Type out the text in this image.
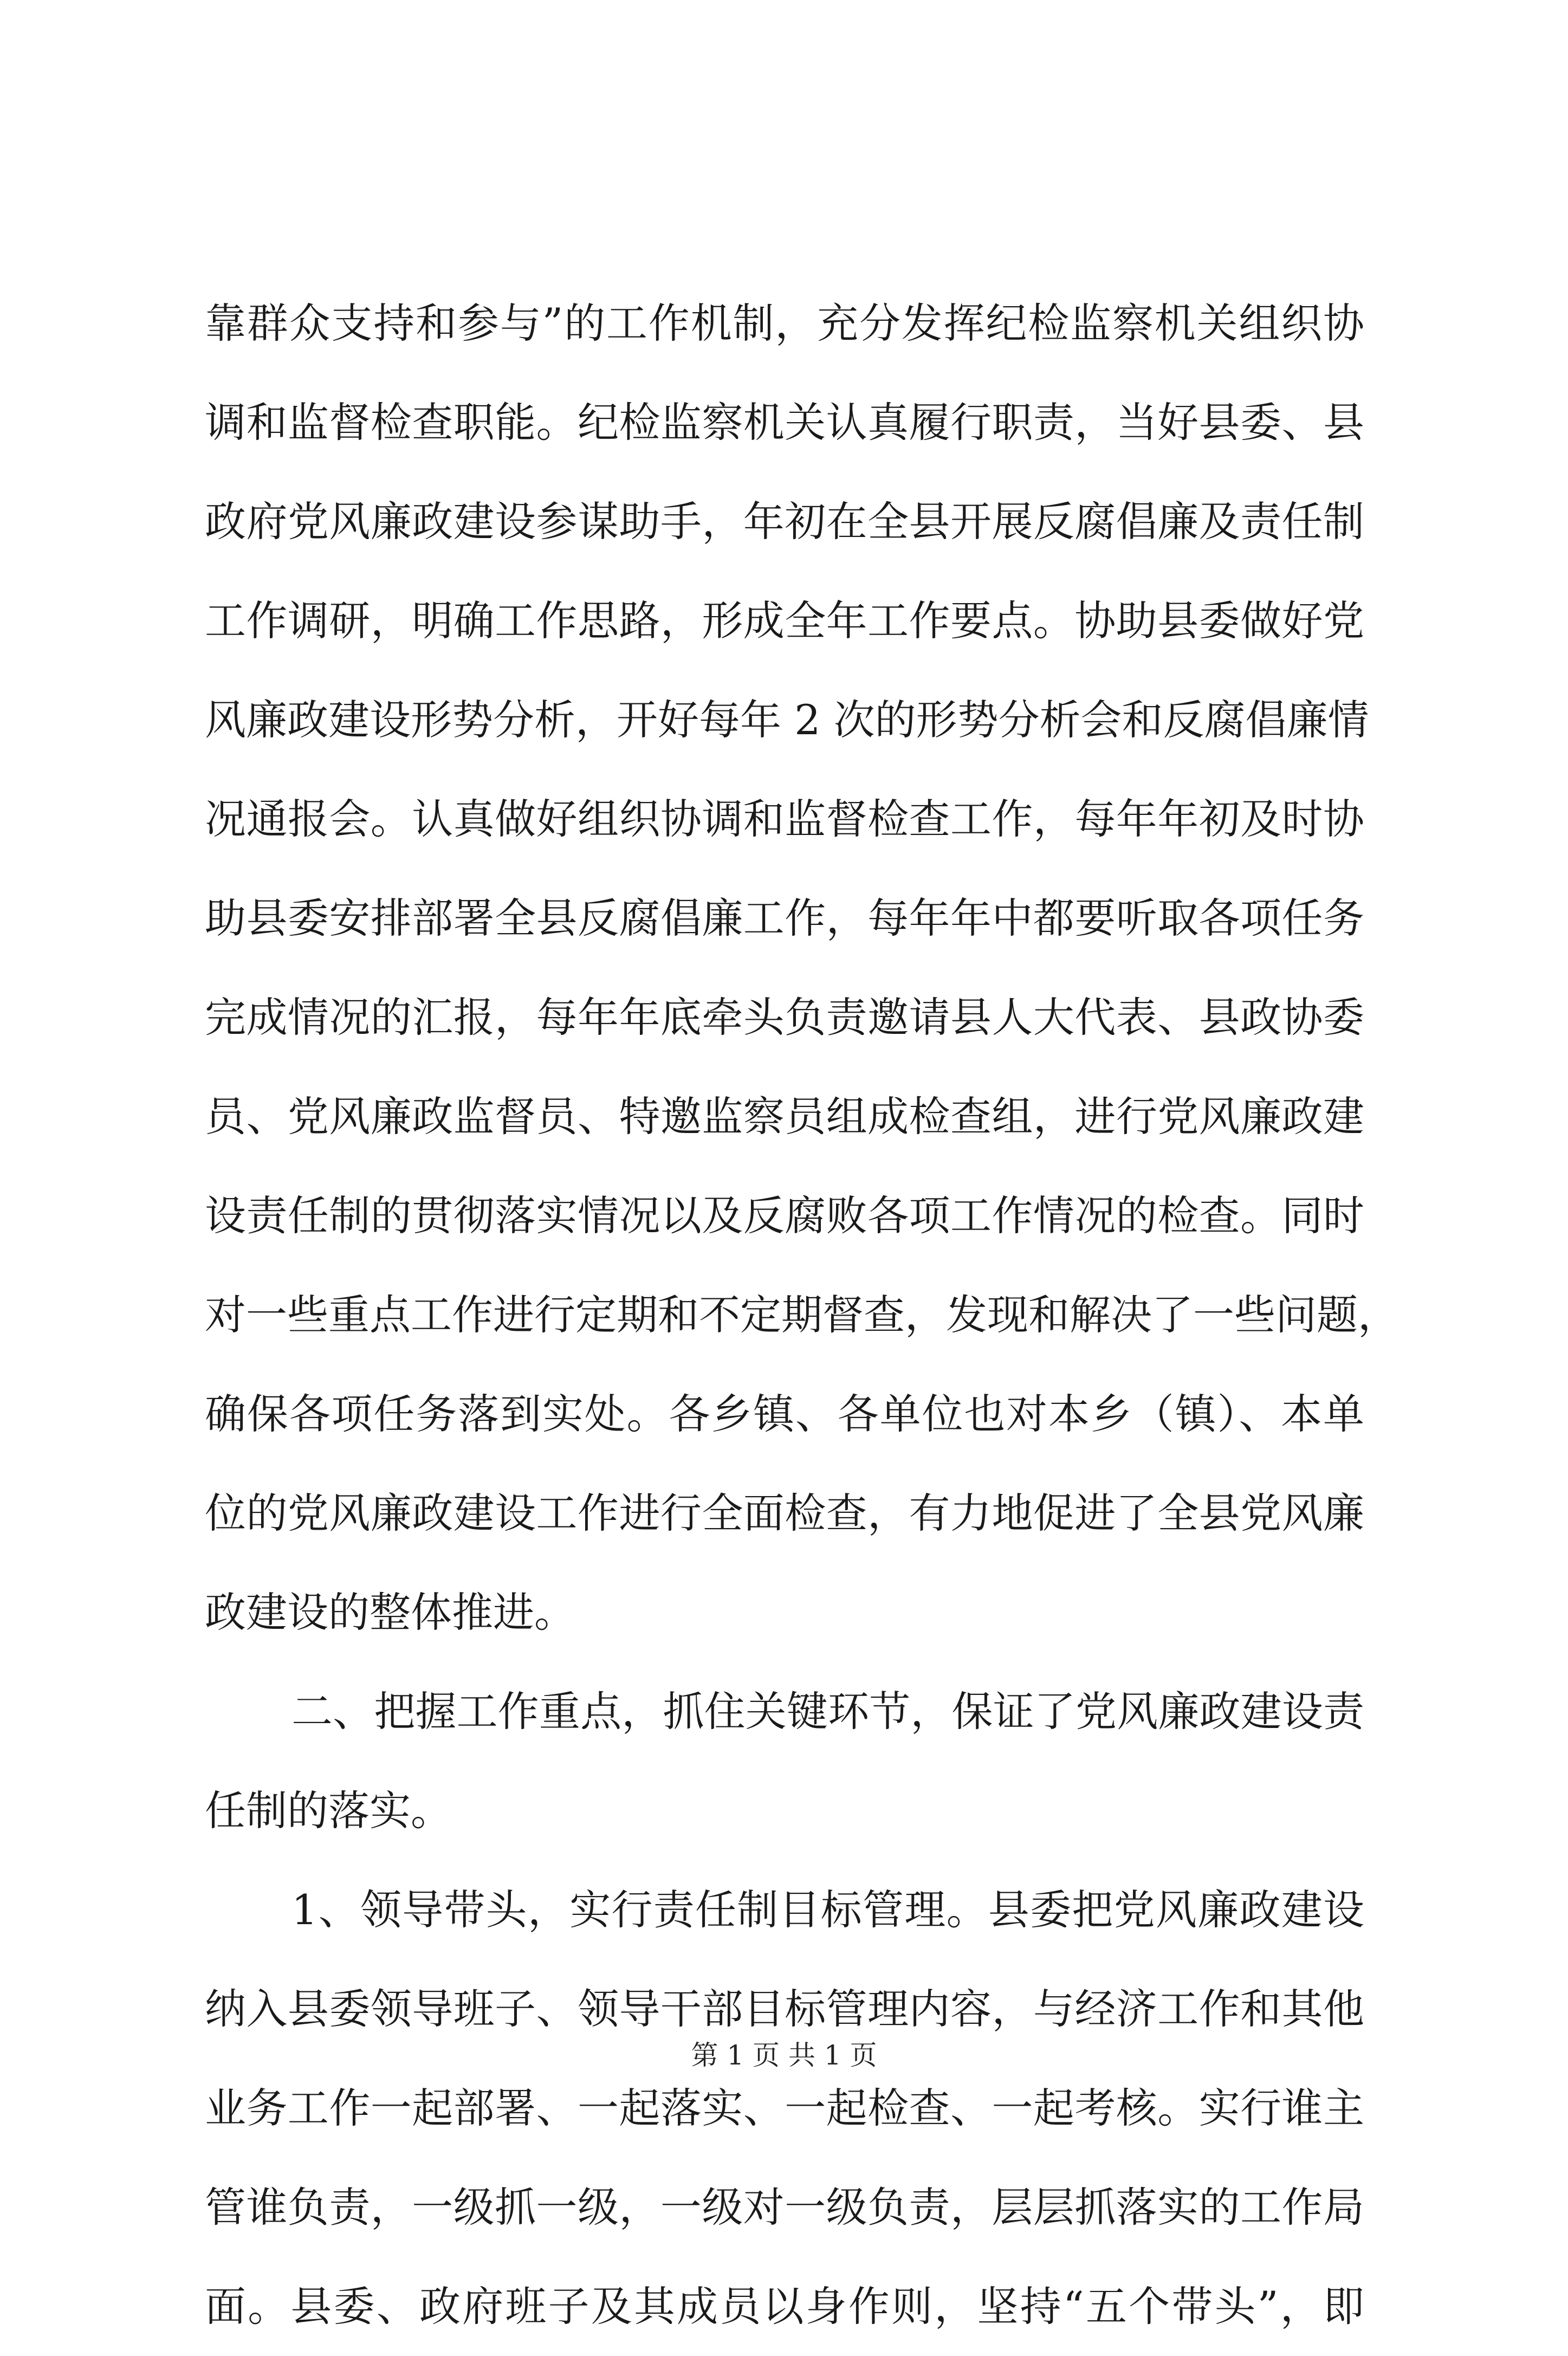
靠群众支持和参与”的工作机制，充分发挥纪检监察机关组织协
调和监督检查职能。纪检监察机关认真履行职责，当好县委、县
政府党风廉政建设参谋助手，年初在全县开展反腐倡廉及责任制
工作调研，明确工作思路，形成全年工作要点。协助县委做好党
风廉政建设形势分析，开好每年 2 次的形势分析会和反腐倡廉情
况通报会。认真做好组织协调和监督检查工作，每年年初及时协
助县委安排部署全县反腐倡廉工作，每年年中都要听取各项任务
完成情况的汇报，每年年底牵头负责邀请县人大代表、县政协委
员、党风廉政监督员、特邀监察员组成检查组，进行党风廉政建
设责任制的贯彻落实情况以及反腐败各项工作情况的检查。同时
对一些重点工作进行定期和不定期督查，发现和解决了一些问题，
确保各项任务落到实处。各乡镇、各单位也对本乡（镇）、本单
位的党风廉政建设工作进行全面检查，有力地促进了全县党风廉
政建设的整体推进。
二、把握工作重点，抓住关键环节，保证了党风廉政建设责
任制的落实。
1、领导带头，实行责任制目标管理。县委把党风廉政建设
纳入县委领导班子、领导干部目标管理内容，与经济工作和其他
业务工作一起部署、一起落实、一起检查、一起考核。实行谁主
管谁负责，一级抓一级，一级对一级负责，层层抓落实的工作局
面。县委、政府班子及其成员以身作则，坚持“五个带头”，即
第 1 页 共 1 页
